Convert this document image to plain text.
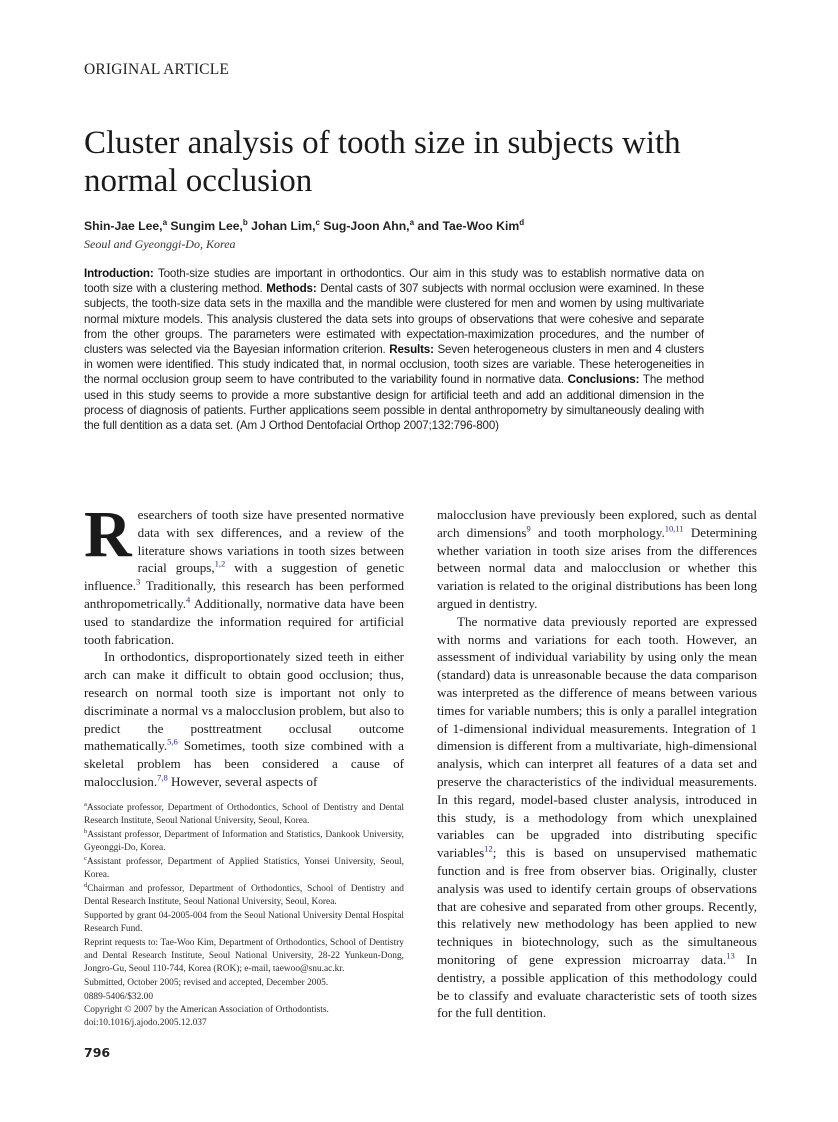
ORIGINAL ARTICLE
Cluster analysis of tooth size in subjects with normal occlusion
Shin-Jae Lee,$^a$ Sungim Lee,$^b$ Johan Lim,$^c$ Sug-Joon Ahn,$^a$ and Tae-Woo Kim$^d$
Seoul and Gyeonggi-Do, Korea

Introduction: Tooth-size studies are important in orthodontics. Our aim in this study was to establish normative data on tooth size with a clustering method. Methods: Dental casts of 307 subjects with normal occlusion were examined. In these subjects, the tooth-size data sets in the maxilla and the mandible were clustered for men and women by using multivariate normal mixture models. This analysis clustered the data sets into groups of observations that were cohesive and separate from the other groups. The parameters were estimated with expectation-maximization procedures, and the number of clusters was selected via the Bayesian information criterion. Results: Seven heterogeneous clusters in men and 4 clusters in women were identified. This study indicated that, in normal occlusion, tooth sizes are variable. These heterogeneities in the normal occlusion group seem to have contributed to the variability found in normative data. Conclusions: The method used in this study seems to provide a more substantive design for artificial teeth and add an additional dimension in the process of diagnosis of patients. Further applications seem possible in dental anthropometry by simultaneously dealing with the full dentition as a data set. (Am J Orthod Dentofacial Orthop 2007;132:796-800)

Researchers of tooth size have presented normative data with sex differences, and a review of the literature shows variations in tooth sizes between racial groups,$^{1,2}$ with a suggestion of genetic influence.$^3$ Traditionally, this research has been performed anthropometrically.$^4$ Additionally, normative data have been used to standardize the information required for artificial tooth fabrication.

In orthodontics, disproportionately sized teeth in either arch can make it difficult to obtain good occlusion; thus, research on normal tooth size is important not only to discriminate a normal vs a malocclusion problem, but also to predict the posttreatment occlusal outcome mathematically.$^{5,6}$ Sometimes, tooth size combined with a skeletal problem has been considered a cause of malocclusion.$^{7,8}$ However, several aspects of

$^a$Associate professor, Department of Orthodontics, School of Dentistry and Dental Research Institute, Seoul National University, Seoul, Korea.

$^b$Assistant professor, Department of Information and Statistics, Dankook University, Gyeonggi-Do, Korea.

$^c$Assistant professor, Department of Applied Statistics, Yonsei University, Seoul, Korea.

$^d$Chairman and professor, Department of Orthodontics, School of Dentistry and Dental Research Institute, Seoul National University, Seoul, Korea.

Supported by grant 04-2005-004 from the Seoul National University Dental Hospital Research Fund.

Reprint requests to: Tae-Woo Kim, Department of Orthodontics, School of Dentistry and Dental Research Institute, Seoul National University, 28-22 Yunkeun-Dong, Jongro-Gu, Seoul 110-744, Korea (ROK); e-mail, taewoo@snu.ac.kr.

Submitted, October 2005; revised and accepted, December 2005.

0889-5406/$32.00

Copyright © 2007 by the American Association of Orthodontists.

doi:10.1016/j.ajodo.2005.12.037

malocclusion have previously been explored, such as dental arch dimensions$^9$ and tooth morphology.$^{10,11}$ Determining whether variation in tooth size arises from the differences between normal data and malocclusion or whether this variation is related to the original distributions has been long argued in dentistry.

The normative data previously reported are expressed with norms and variations for each tooth. However, an assessment of individual variability by using only the mean (standard) data is unreasonable because the data comparison was interpreted as the difference of means between various times for variable numbers; this is only a parallel integration of 1-dimensional individual measurements. Integration of 1 dimension is different from a multivariate, high-dimensional analysis, which can interpret all features of a data set and preserve the characteristics of the individual measurements. In this regard, model-based cluster analysis, introduced in this study, is a methodology from which unexplained variables can be upgraded into distributing specific variables$^{12}$; this is based on unsupervised mathematic function and is free from observer bias. Originally, cluster analysis was used to identify certain groups of observations that are cohesive and separated from other groups. Recently, this relatively new methodology has been applied to new techniques in biotechnology, such as the simultaneous monitoring of gene expression microarray data.$^{13}$ In dentistry, a possible application of this methodology could be to classify and evaluate characteristic sets of tooth sizes for the full dentition.

796
